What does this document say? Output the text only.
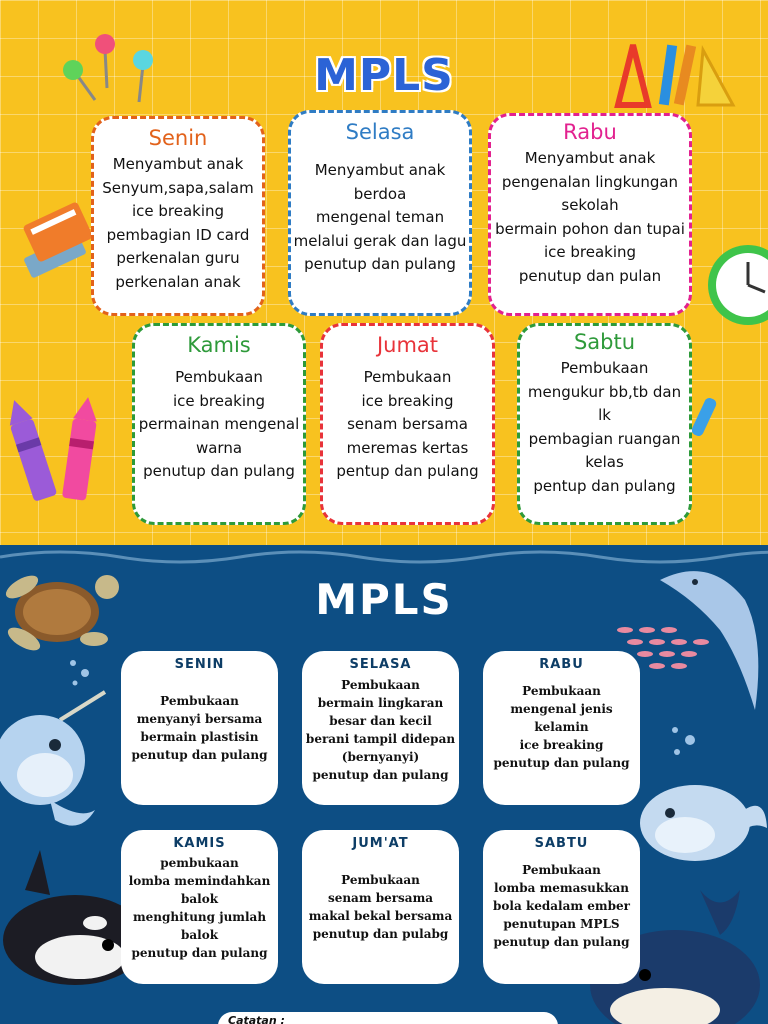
MPLS
Senin
Menyambut anak
Senyum,sapa,salam
ice breaking
pembagian ID card
perkenalan guru
perkenalan anak
Selasa
Menyambut anak
berdoa
mengenal teman
melalui gerak dan lagu
penutup dan pulang
Rabu
Menyambut anak
pengenalan lingkungan
sekolah
bermain pohon dan tupai
ice breaking
penutup dan pulan
Kamis
Pembukaan
ice breaking
permainan mengenal
warna
penutup dan pulang
Jumat
Pembukaan
ice breaking
senam bersama
meremas kertas
pentup dan pulang
Sabtu
Pembukaan
mengukur bb,tb dan
lk
pembagian ruangan
kelas
pentup dan pulang
MPLS
SENIN
Pembukaan
menyanyi bersama
bermain plastisin
penutup dan pulang
SELASA
Pembukaan
bermain lingkaran
besar dan kecil
berani tampil didepan
(bernyanyi)
penutup dan pulang
RABU
Pembukaan
mengenal jenis
kelamin
ice breaking
penutup dan pulang
KAMIS
pembukaan
lomba memindahkan
balok
menghitung jumlah
balok
penutup dan pulang
JUM'AT
Pembukaan
senam bersama
makal bekal bersama
penutup dan pulabg
SABTU
Pembukaan
lomba memasukkan
bola kedalam ember
penutupan MPLS
penutup dan pulang
Catatan :
